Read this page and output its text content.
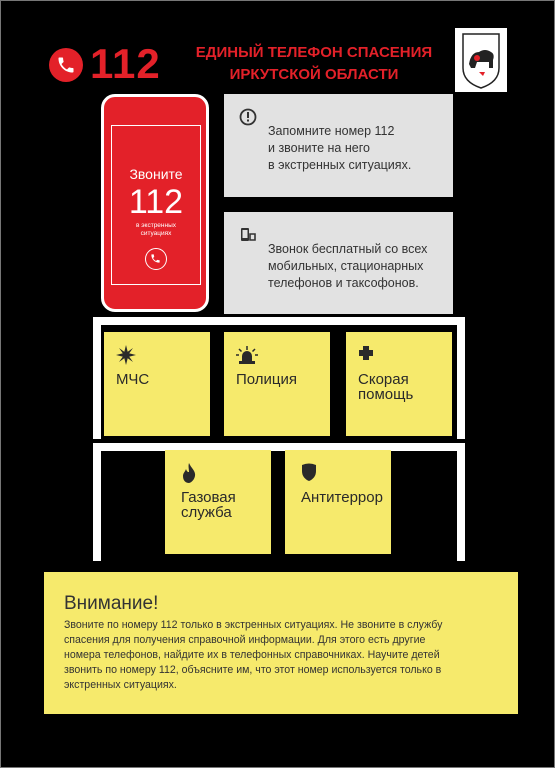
112	ЕДИНЫЙ ТЕЛЕФОН СПАСЕНИЯ
ИРКУТСКОЙ ОБЛАСТИ
Звоните
112
в экстренных
ситуациях
Запомните номер 112
и звоните на него
в экстренных ситуациях.
Звонок бесплатный со всех
мобильных, стационарных
телефонов и таксофонов.
МЧС	Полиция	Скорая
помощь
Газовая
служба
Антитеррор
Внимание!
Звоните по номеру 112 только в экстренных ситуациях. Не звоните в службу
спасения для получения справочной информации. Для этого есть другие
номера телефонов, найдите их в телефонных справочниках. Научите детей
звонить по номеру 112, объясните им, что этот номер используется только в
экстренных ситуациях.
